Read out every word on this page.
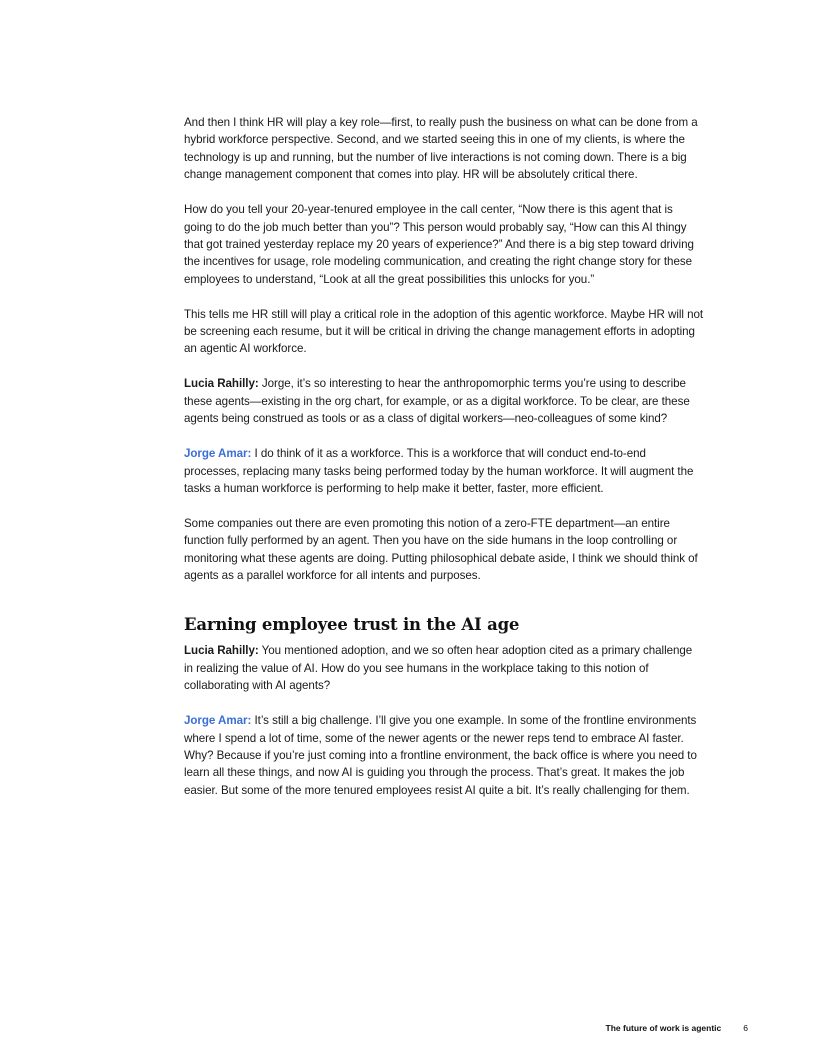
And then I think HR will play a key role—first, to really push the business on what can be done from a hybrid workforce perspective. Second, and we started seeing this in one of my clients, is where the technology is up and running, but the number of live interactions is not coming down. There is a big change management component that comes into play. HR will be absolutely critical there.

How do you tell your 20-year-tenured employee in the call center, “Now there is this agent that is going to do the job much better than you”? This person would probably say, “How can this AI thingy that got trained yesterday replace my 20 years of experience?” And there is a big step toward driving the incentives for usage, role modeling communication, and creating the right change story for these employees to understand, “Look at all the great possibilities this unlocks for you.”

This tells me HR still will play a critical role in the adoption of this agentic workforce. Maybe HR will not be screening each resume, but it will be critical in driving the change management efforts in adopting an agentic AI workforce.

Lucia Rahilly: Jorge, it’s so interesting to hear the anthropomorphic terms you’re using to describe these agents—existing in the org chart, for example, or as a digital workforce. To be clear, are these agents being construed as tools or as a class of digital workers—neo-colleagues of some kind?

Jorge Amar: I do think of it as a workforce. This is a workforce that will conduct end-to-end processes, replacing many tasks being performed today by the human workforce. It will augment the tasks a human workforce is performing to help make it better, faster, more efficient.

Some companies out there are even promoting this notion of a zero-FTE department—an entire function fully performed by an agent. Then you have on the side humans in the loop controlling or monitoring what these agents are doing. Putting philosophical debate aside, I think we should think of agents as a parallel workforce for all intents and purposes.

Earning employee trust in the AI age

Lucia Rahilly: You mentioned adoption, and we so often hear adoption cited as a primary challenge in realizing the value of AI. How do you see humans in the workplace taking to this notion of collaborating with AI agents?

Jorge Amar: It’s still a big challenge. I’ll give you one example. In some of the frontline environments where I spend a lot of time, some of the newer agents or the newer reps tend to embrace AI faster. Why? Because if you’re just coming into a frontline environment, the back office is where you need to learn all these things, and now AI is guiding you through the process. That’s great. It makes the job easier. But some of the more tenured employees resist AI quite a bit. It’s really challenging for them.

The future of work is agentic	6
